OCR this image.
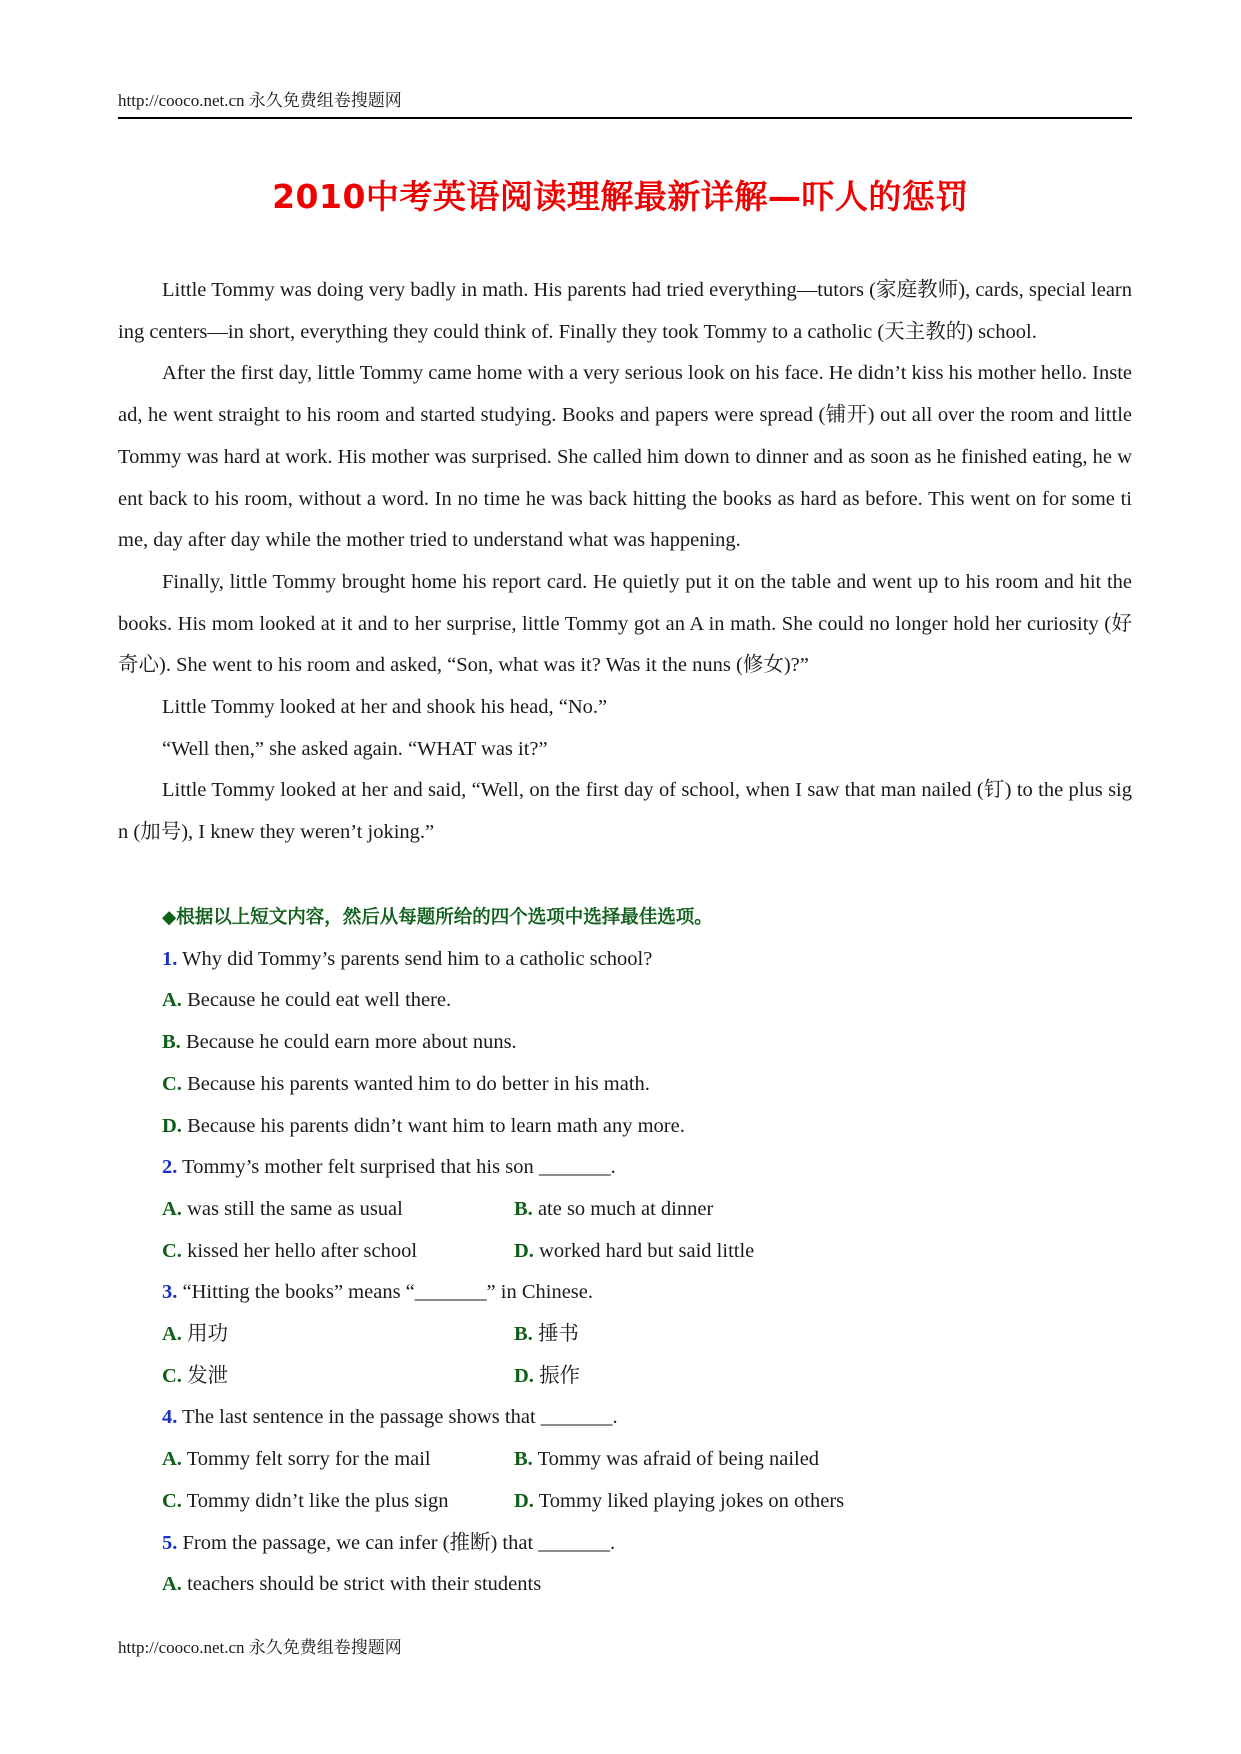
http://cooco.net.cn 永久免费组卷搜题网
2010中考英语阅读理解最新详解—吓人的惩罚

Little Tommy was doing very badly in math. His parents had tried everything—tutors (家庭教师), cards, special learning centers—in short, everything they could think of. Finally they took Tommy to a catholic (天主教的) school.

After the first day, little Tommy came home with a very serious look on his face. He didn’t kiss his mother hello. Instead, he went straight to his room and started studying. Books and papers were spread (铺开) out all over the room and little Tommy was hard at work. His mother was surprised. She called him down to dinner and as soon as he finished eating, he went back to his room, without a word. In no time he was back hitting the books as hard as before. This went on for some time, day after day while the mother tried to understand what was happening.

Finally, little Tommy brought home his report card. He quietly put it on the table and went up to his room and hit the books. His mom looked at it and to her surprise, little Tommy got an A in math. She could no longer hold her curiosity (好奇心). She went to his room and asked, “Son, what was it? Was it the nuns (修女)?”

Little Tommy looked at her and shook his head, “No.”

“Well then,” she asked again. “WHAT was it?”

Little Tommy looked at her and said, “Well, on the first day of school, when I saw that man nailed (钉) to the plus sign (加号), I knew they weren’t joking.”

◆根据以上短文内容，然后从每题所给的四个选项中选择最佳选项。
1. Why did Tommy’s parents send him to a catholic school?
A. Because he could eat well there.
B. Because he could earn more about nuns.
C. Because his parents wanted him to do better in his math.
D. Because his parents didn’t want him to learn math any more.
2. Tommy’s mother felt surprised that his son _______.
A. was still the same as usual	B. ate so much at dinner
C. kissed her hello after school	D. worked hard but said little
3. “Hitting the books” means “_______” in Chinese.
A. 用功	B. 捶书
C. 发泄	D. 振作
4. The last sentence in the passage shows that _______.
A. Tommy felt sorry for the mail	B. Tommy was afraid of being nailed
C. Tommy didn’t like the plus sign	D. Tommy liked playing jokes on others
5. From the passage, we can infer (推断) that _______.
A. teachers should be strict with their students
http://cooco.net.cn 永久免费组卷搜题网
